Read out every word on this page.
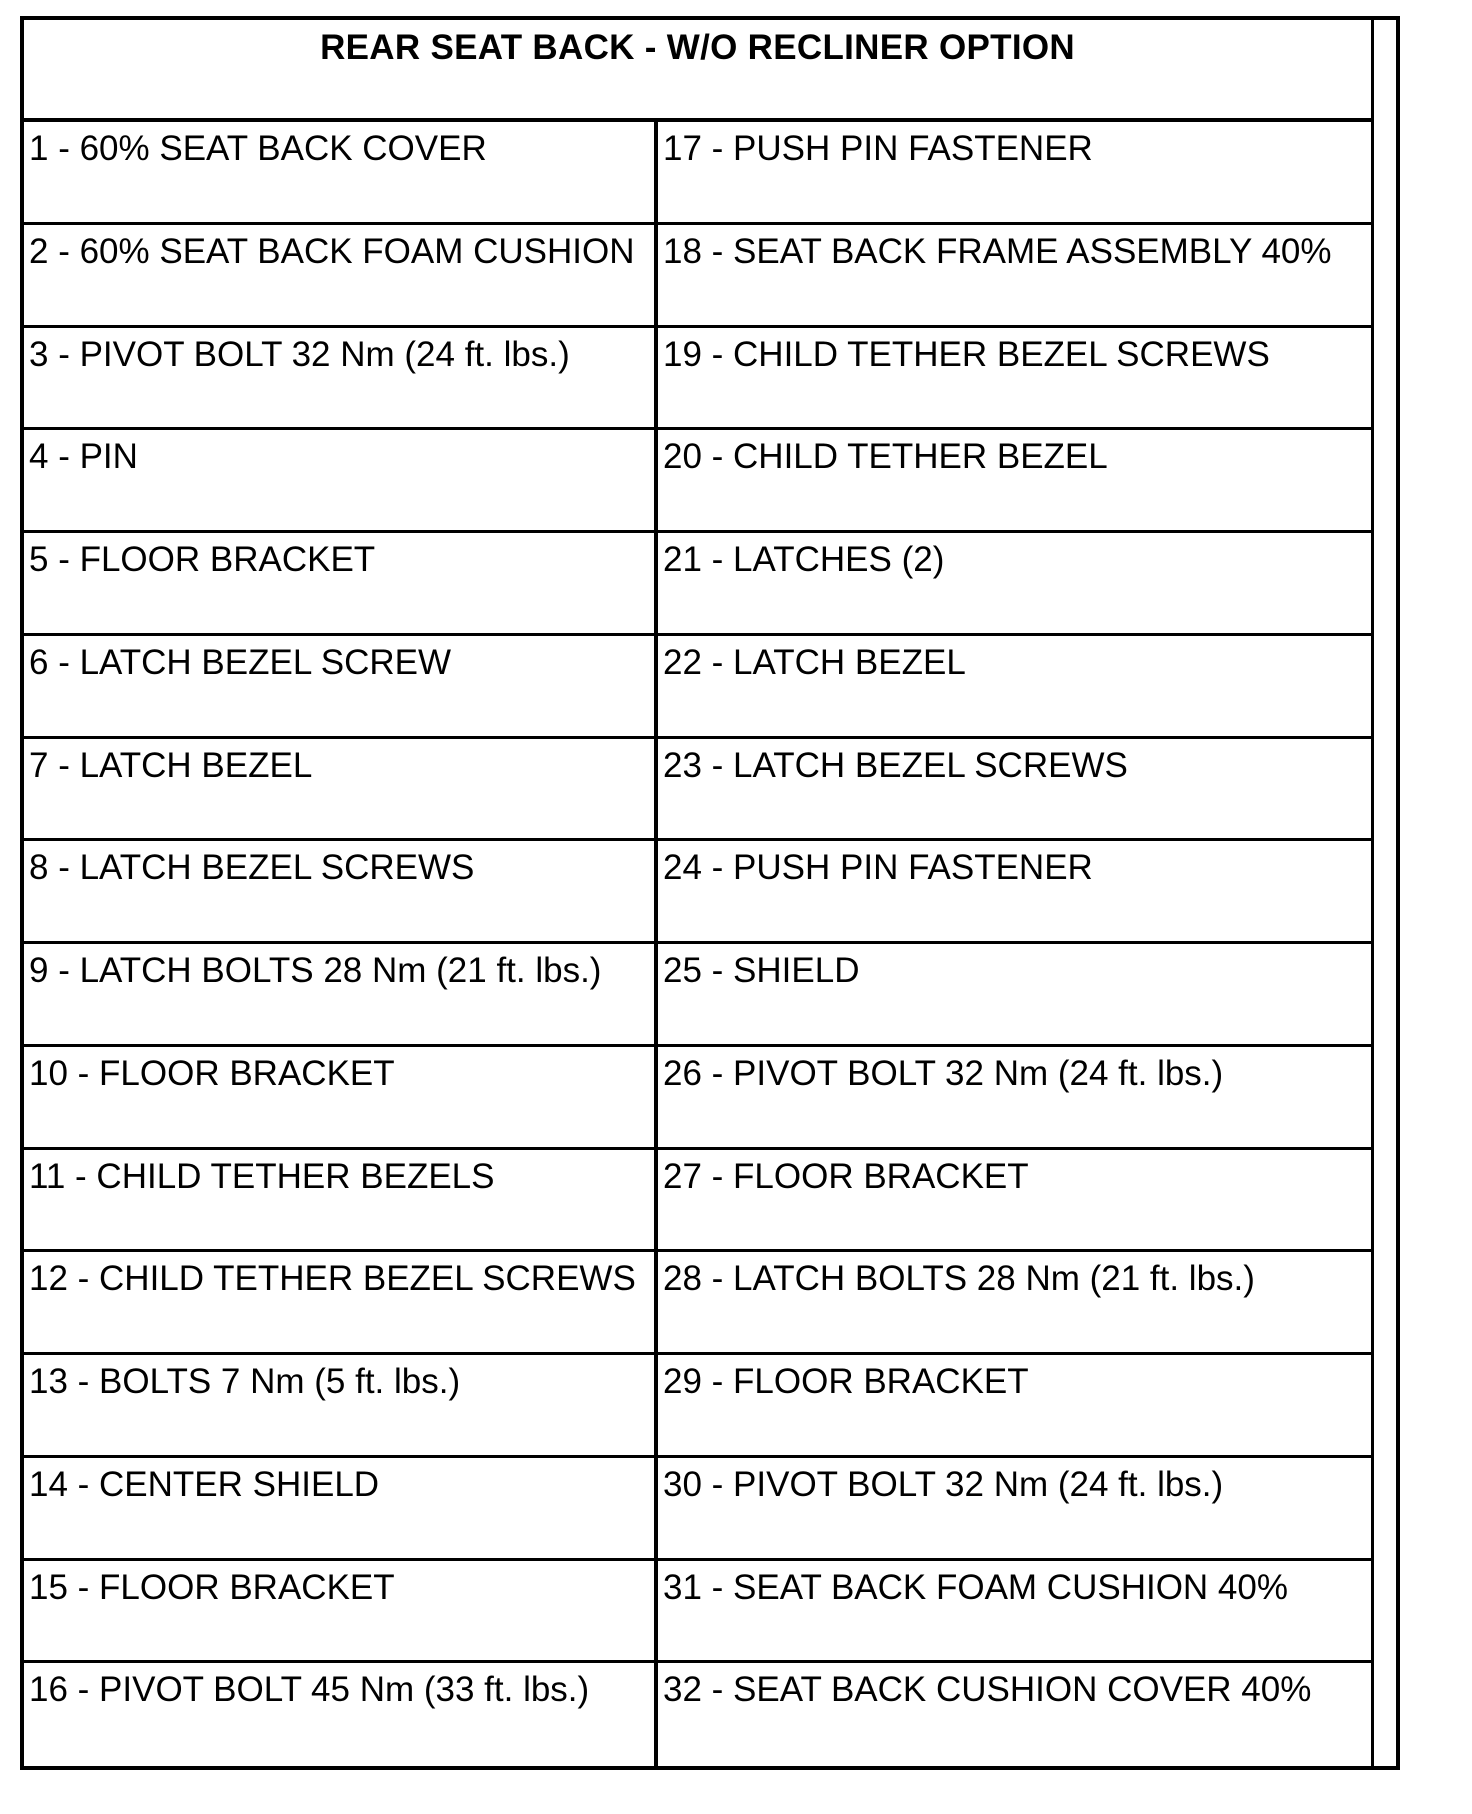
REAR SEAT BACK - W/O RECLINER OPTION
1 - 60% SEAT BACK COVER	17 - PUSH PIN FASTENER
2 - 60% SEAT BACK FOAM CUSHION 18 - SEAT BACK FRAME ASSEMBLY 40%
3 - PIVOT BOLT 32 Nm (24 ft. lbs.)	19 - CHILD TETHER BEZEL SCREWS
4 - PIN	20 - CHILD TETHER BEZEL
5 - FLOOR BRACKET	21 - LATCHES (2)
6 - LATCH BEZEL SCREW	22 - LATCH BEZEL
7 - LATCH BEZEL	23 - LATCH BEZEL SCREWS
8 - LATCH BEZEL SCREWS	24 - PUSH PIN FASTENER
9 - LATCH BOLTS 28 Nm (21 ft. lbs.)	25 - SHIELD
10 - FLOOR BRACKET	26 - PIVOT BOLT 32 Nm (24 ft. lbs.)
11 - CHILD TETHER BEZELS	27 - FLOOR BRACKET
12 - CHILD TETHER BEZEL SCREWS 28 - LATCH BOLTS 28 Nm (21 ft. lbs.)
13 - BOLTS 7 Nm (5 ft. lbs.)	29 - FLOOR BRACKET
14 - CENTER SHIELD	30 - PIVOT BOLT 32 Nm (24 ft. lbs.)
15 - FLOOR BRACKET	31 - SEAT BACK FOAM CUSHION 40%
16 - PIVOT BOLT 45 Nm (33 ft. lbs.)	32 - SEAT BACK CUSHION COVER 40%
